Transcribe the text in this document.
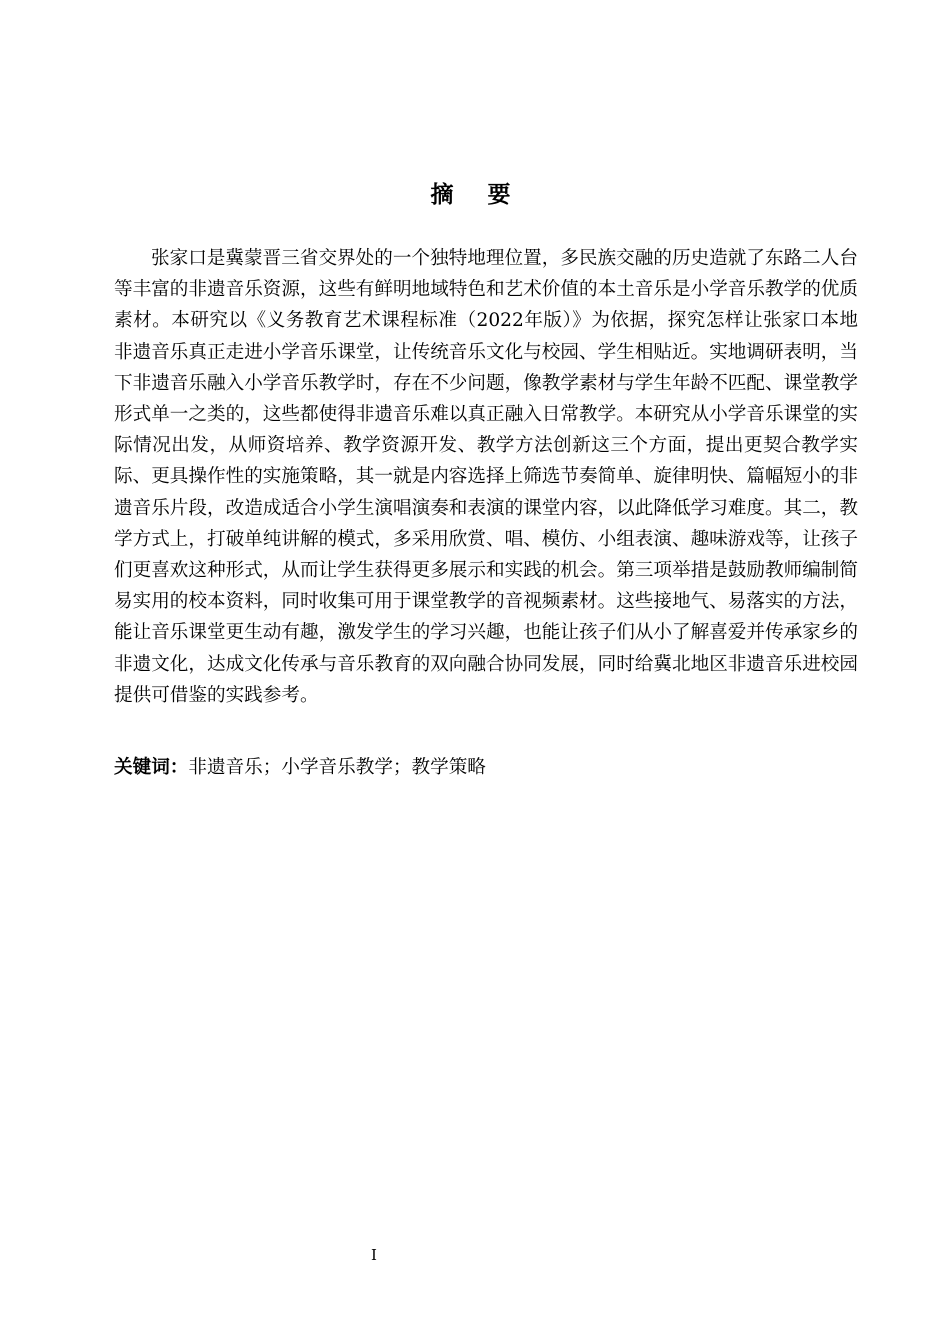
摘要

张家口是冀蒙晋三省交界处的一个独特地理位置，多民族交融的历史造就了东路二人台等丰富的非遗音乐资源，这些有鲜明地域特色和艺术价值的本土音乐是小学音乐教学的优质素材。本研究以《义务教育艺术课程标准（2022年版）》为依据，探究怎样让张家口本地非遗音乐真正走进小学音乐课堂，让传统音乐文化与校园、学生相贴近。实地调研表明，当下非遗音乐融入小学音乐教学时，存在不少问题，像教学素材与学生年龄不匹配、课堂教学形式单一之类的，这些都使得非遗音乐难以真正融入日常教学。本研究从小学音乐课堂的实际情况出发，从师资培养、教学资源开发、教学方法创新这三个方面，提出更契合教学实际、更具操作性的实施策略，其一就是内容选择上筛选节奏简单、旋律明快、篇幅短小的非遗音乐片段，改造成适合小学生演唱演奏和表演的课堂内容，以此降低学习难度。其二，教学方式上，打破单纯讲解的模式，多采用欣赏、唱、模仿、小组表演、趣味游戏等，让孩子们更喜欢这种形式，从而让学生获得更多展示和实践的机会。第三项举措是鼓励教师编制简易实用的校本资料，同时收集可用于课堂教学的音视频素材。这些接地气、易落实的方法，能让音乐课堂更生动有趣，激发学生的学习兴趣，也能让孩子们从小了解喜爱并传承家乡的非遗文化，达成文化传承与音乐教育的双向融合协同发展，同时给冀北地区非遗音乐进校园提供可借鉴的实践参考。

关键词：非遗音乐；小学音乐教学；教学策略

I
